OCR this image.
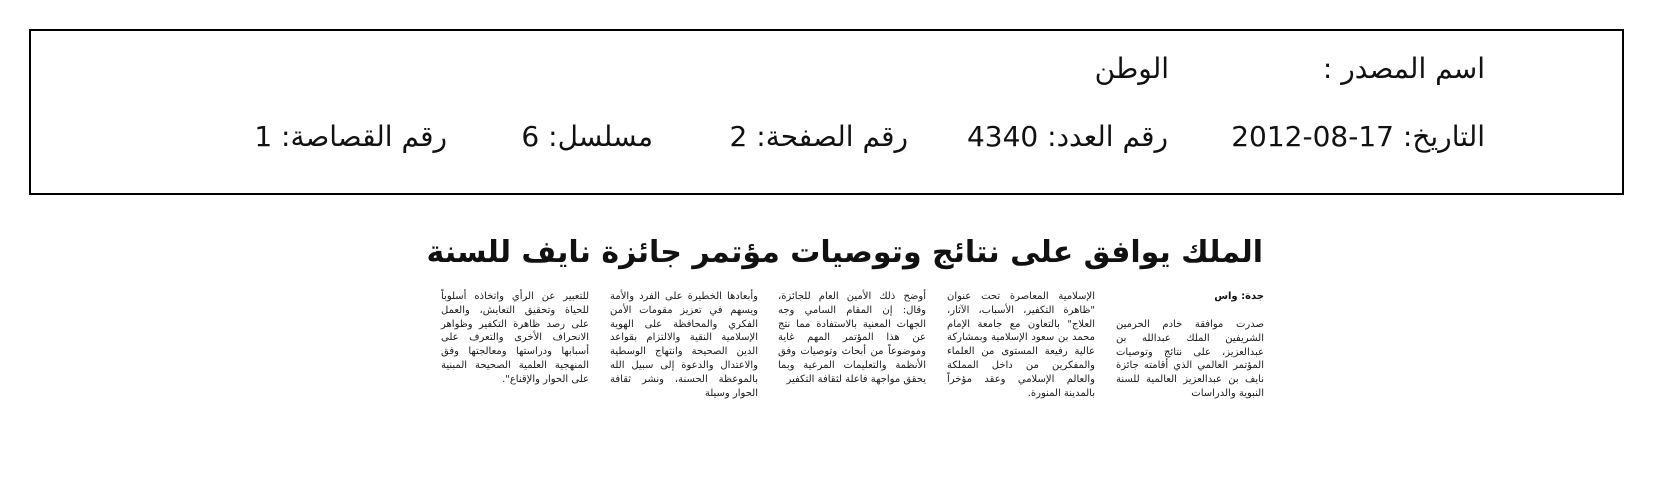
اسم المصدر :
الوطن
التاريخ: 17-08-2012
رقم العدد: 4340
رقم الصفحة: 2
مسلسل: 6
رقم القصاصة: 1
الملك يوافق على نتائج وتوصيات مؤتمر جائزة نايف للسنة
جدة: واس

صدرت موافقة خادم الحرمين الشريفين الملك عبدالله بن عبدالعزيز، على نتائج وتوصيات المؤتمر العالمي الذي أقامته جائزة نايف بن عبدالعزيز العالمية للسنة النبوية والدراسات

الإسلامية المعاصرة تحت عنوان "ظاهرة التكفير، الأسباب، الآثار، العلاج" بالتعاون مع جامعة الإمام محمد بن سعود الإسلامية وبمشاركة عالية رفيعة المستوى من العلماء والمفكرين من داخل المملكة والعالم الإسلامي وعقد مؤخراً بالمدينة المنورة.

أوضح ذلك الأمين العام للجائزة، وقال: إن المقام السامي وجه الجهات المعنية بالاستفادة مما نتج عن هذا المؤتمر المهم غاية وموضوعاً من أبحاث وتوصيات وفق الأنظمة والتعليمات المرعية وبما يحقق مواجهة فاعلة لثقافة التكفير

وأبعادها الخطيرة على الفرد والأمة ويسهم في تعزيز مقومات الأمن الفكري والمحافظة على الهوية الإسلامية النقية والالتزام بقواعد الدين الصحيحة وانتهاج الوسطية والاعتدال والدعوة إلى سبيل الله بالموعظة الحسنة، ونشر ثقافة الحوار وسيلة

للتعبير عن الرأي واتخاذه أسلوباً للحياة وتحقيق التعايش، والعمل على رصد ظاهرة التكفير وظواهر الانحراف الأخرى والتعرف على أسبابها ودراستها ومعالجتها وفق المنهجية العلمية الصحيحة المبنية على الحوار والإقناع".
